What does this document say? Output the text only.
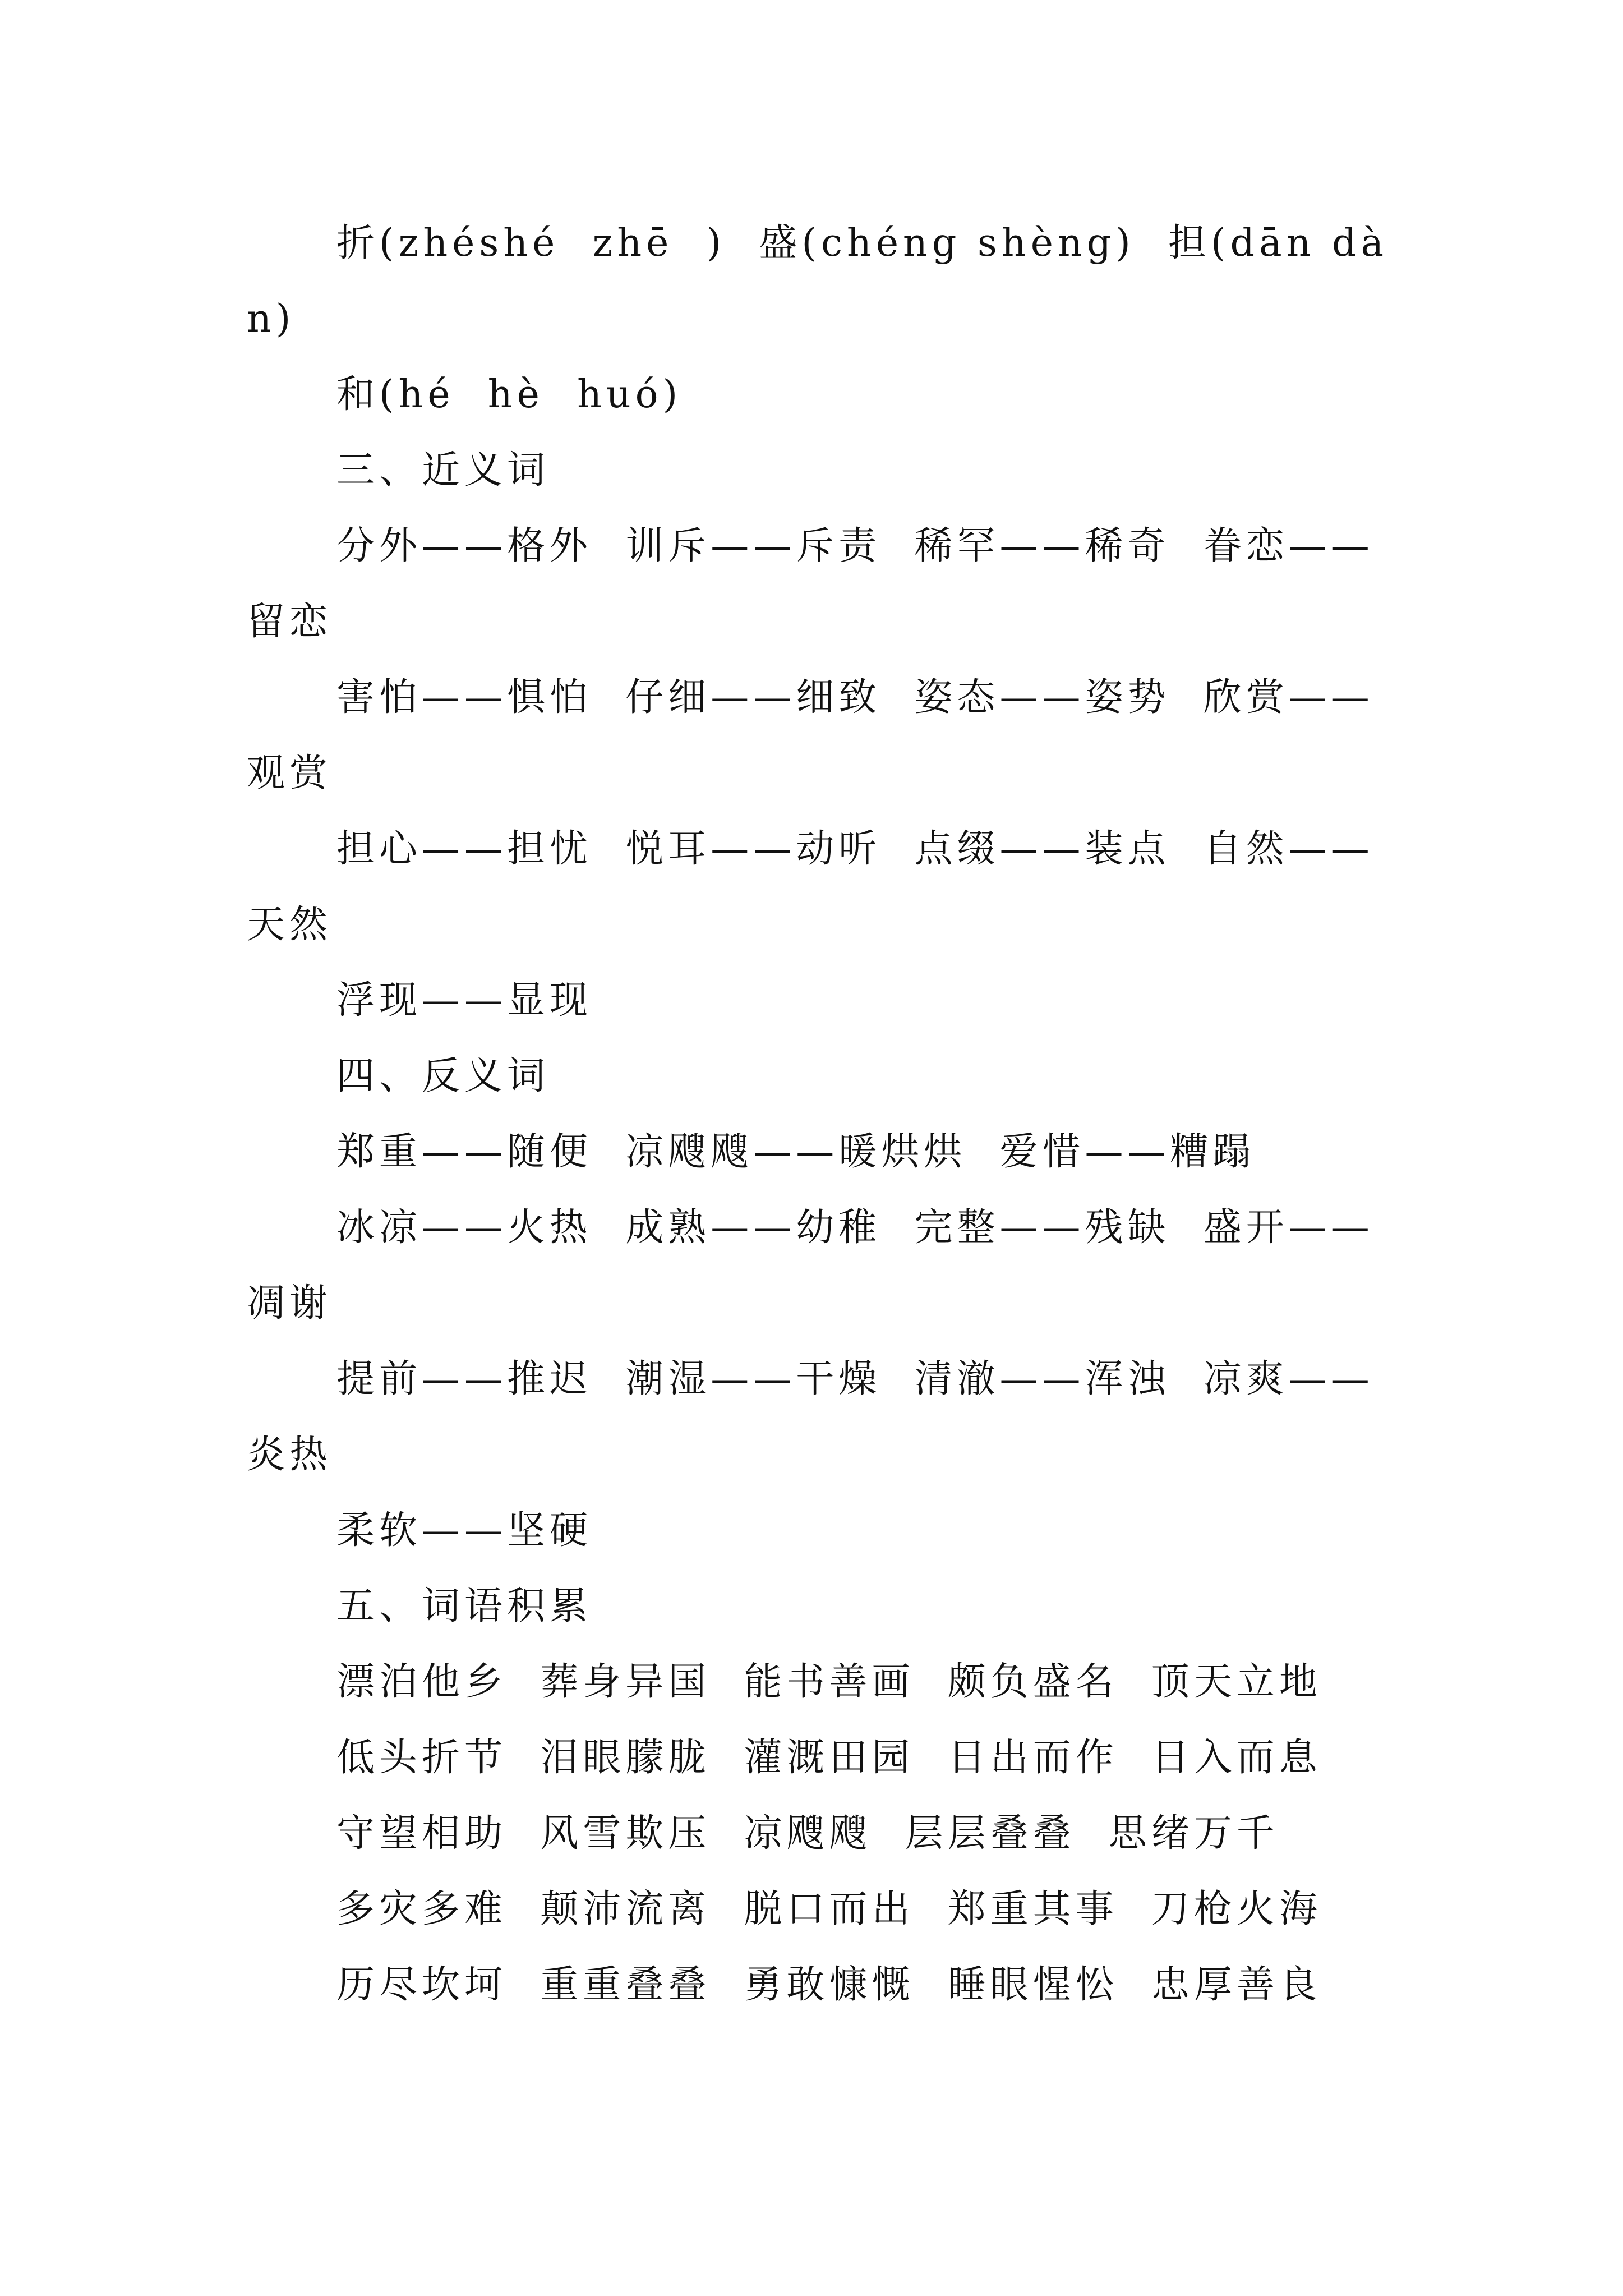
折(zhéshé  zhē  )  盛(chéng shèng)  担(dān dà
n)
和(hé  hè  huó)
三、近义词
分外——格外  训斥——斥责  稀罕——稀奇  眷恋——
留恋
害怕——惧怕  仔细——细致  姿态——姿势  欣赏——
观赏
担心——担忧  悦耳——动听  点缀——装点  自然——
天然
浮现——显现
四、反义词
郑重——随便  凉飕飕——暖烘烘  爱惜——糟蹋
冰凉——火热  成熟——幼稚  完整——残缺  盛开——
凋谢
提前——推迟  潮湿——干燥  清澈——浑浊  凉爽——
炎热
柔软——坚硬
五、词语积累
漂泊他乡  葬身异国  能书善画  颇负盛名  顶天立地
低头折节  泪眼朦胧  灌溉田园  日出而作  日入而息
守望相助  风雪欺压  凉飕飕  层层叠叠  思绪万千
多灾多难  颠沛流离  脱口而出  郑重其事  刀枪火海
历尽坎坷  重重叠叠  勇敢慷慨  睡眼惺忪  忠厚善良
